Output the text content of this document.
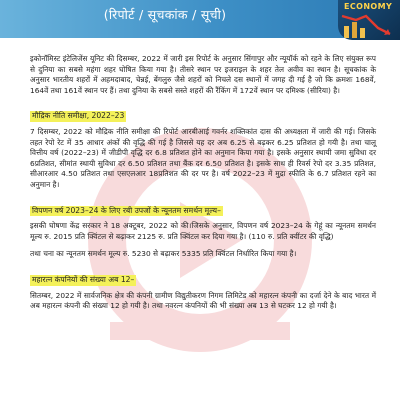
(रिपोर्ट / सूचकांक / सूची)
ECONOMY

इकोनॉमिस्ट इंटेलिजेंस यूनिट की दिसम्बर, 2022 में जारी इस रिपोर्ट के अनुसार सिंगापुर और न्यूयॉर्क को रहने के लिए संयुक्त रूप से दुनिया का सबसे महंगा शहर घोषित किया गया है। तीसरे स्थान पर इजराइल के शहर तेल अवीव का स्थान है। सूचकांक के अनुसार भारतीय शहरों में अहमदाबाद, चेन्नई, बेंगलुरु जैसे शहरों को निचले दस स्थानों में जगह दी गई है जो कि क्रमशः 168वें, 164वें तथा 161वें स्थान पर हैं। तथा दुनिया के सबसे सस्ते शहरों की रैंकिंग में 172वें स्थान पर दमिश्क (सीरिया) है।

मौद्रिक नीति समीक्षा, 2022–23

7 दिसम्बर, 2022 को मौद्रिक नीति समीक्षा की रिपोर्ट आरबीआई गवर्नर शक्तिकांत दास की अध्यक्षता में जारी की गई। जिसके तहत रेपो रेट में 35 आधार अंकों की वृद्धि की गई है जिससे यह दर अब 6.25 से बढ़कर 6.25 प्रतिशत हो गयी है। तथा चालू वित्तीय वर्ष (2022–23) में जीडीपी वृद्धि दर 6.8 प्रतिशत होने का अनुमान किया गया है। इसके अनुसार स्थायी जमा सुविधा दर 6प्रतिशत, सीमांत स्थायी सुविधा दर 6.50 प्रतिशत तथा बैंक दर 6.50 प्रतिशत है। इसके साथ ही रिवर्स रेपो दर 3.35 प्रतिशत, सीआरआर 4.50 प्रतिशत तथा एसएलआर 18प्रतिशत की दर पर है। वर्ष 2022–23 में मुद्रा स्फीति के 6.7 प्रतिशत रहने का अनुमान है।

विपणन वर्ष 2023–24 के लिए रबी उपजों के न्यूनतम समर्थन मूल्य–

इसकी घोषणा केंद्र सरकार ने 18 अक्टूबर, 2022 को की।जिसके अनुसार, विपणन वर्ष 2023–24 के गेहूं का न्यूनतम समर्थन मूल्य रु. 2015 प्रति क्विंटल से बढ़ाकर 2125 रु. प्रति क्विंटल कर दिया गया है। (110 रु. प्रति क्वींटर की वृद्धि)

तथा चना का न्यूनतम समर्थन मूल्य रु. 5230 से बढ़ाकर 5335 प्रति क्विंटल निर्धारित किया गया है।

महारत्न कंपनियों की संख्या अब 12–

सितम्बर, 2022 में सार्वजनिक क्षेत्र की कंपनी ग्रामीण विद्युतीकरण निगम लिमिटेड को महारत्न कंपनी का दर्जा देने के बाद भारत में अब महारत्न कंपनी की संख्या 12 हो गयी है। तथा नवरत्न कंपनियों की भी संख्या अब 13 से घटकर 12 हो गयी है।
